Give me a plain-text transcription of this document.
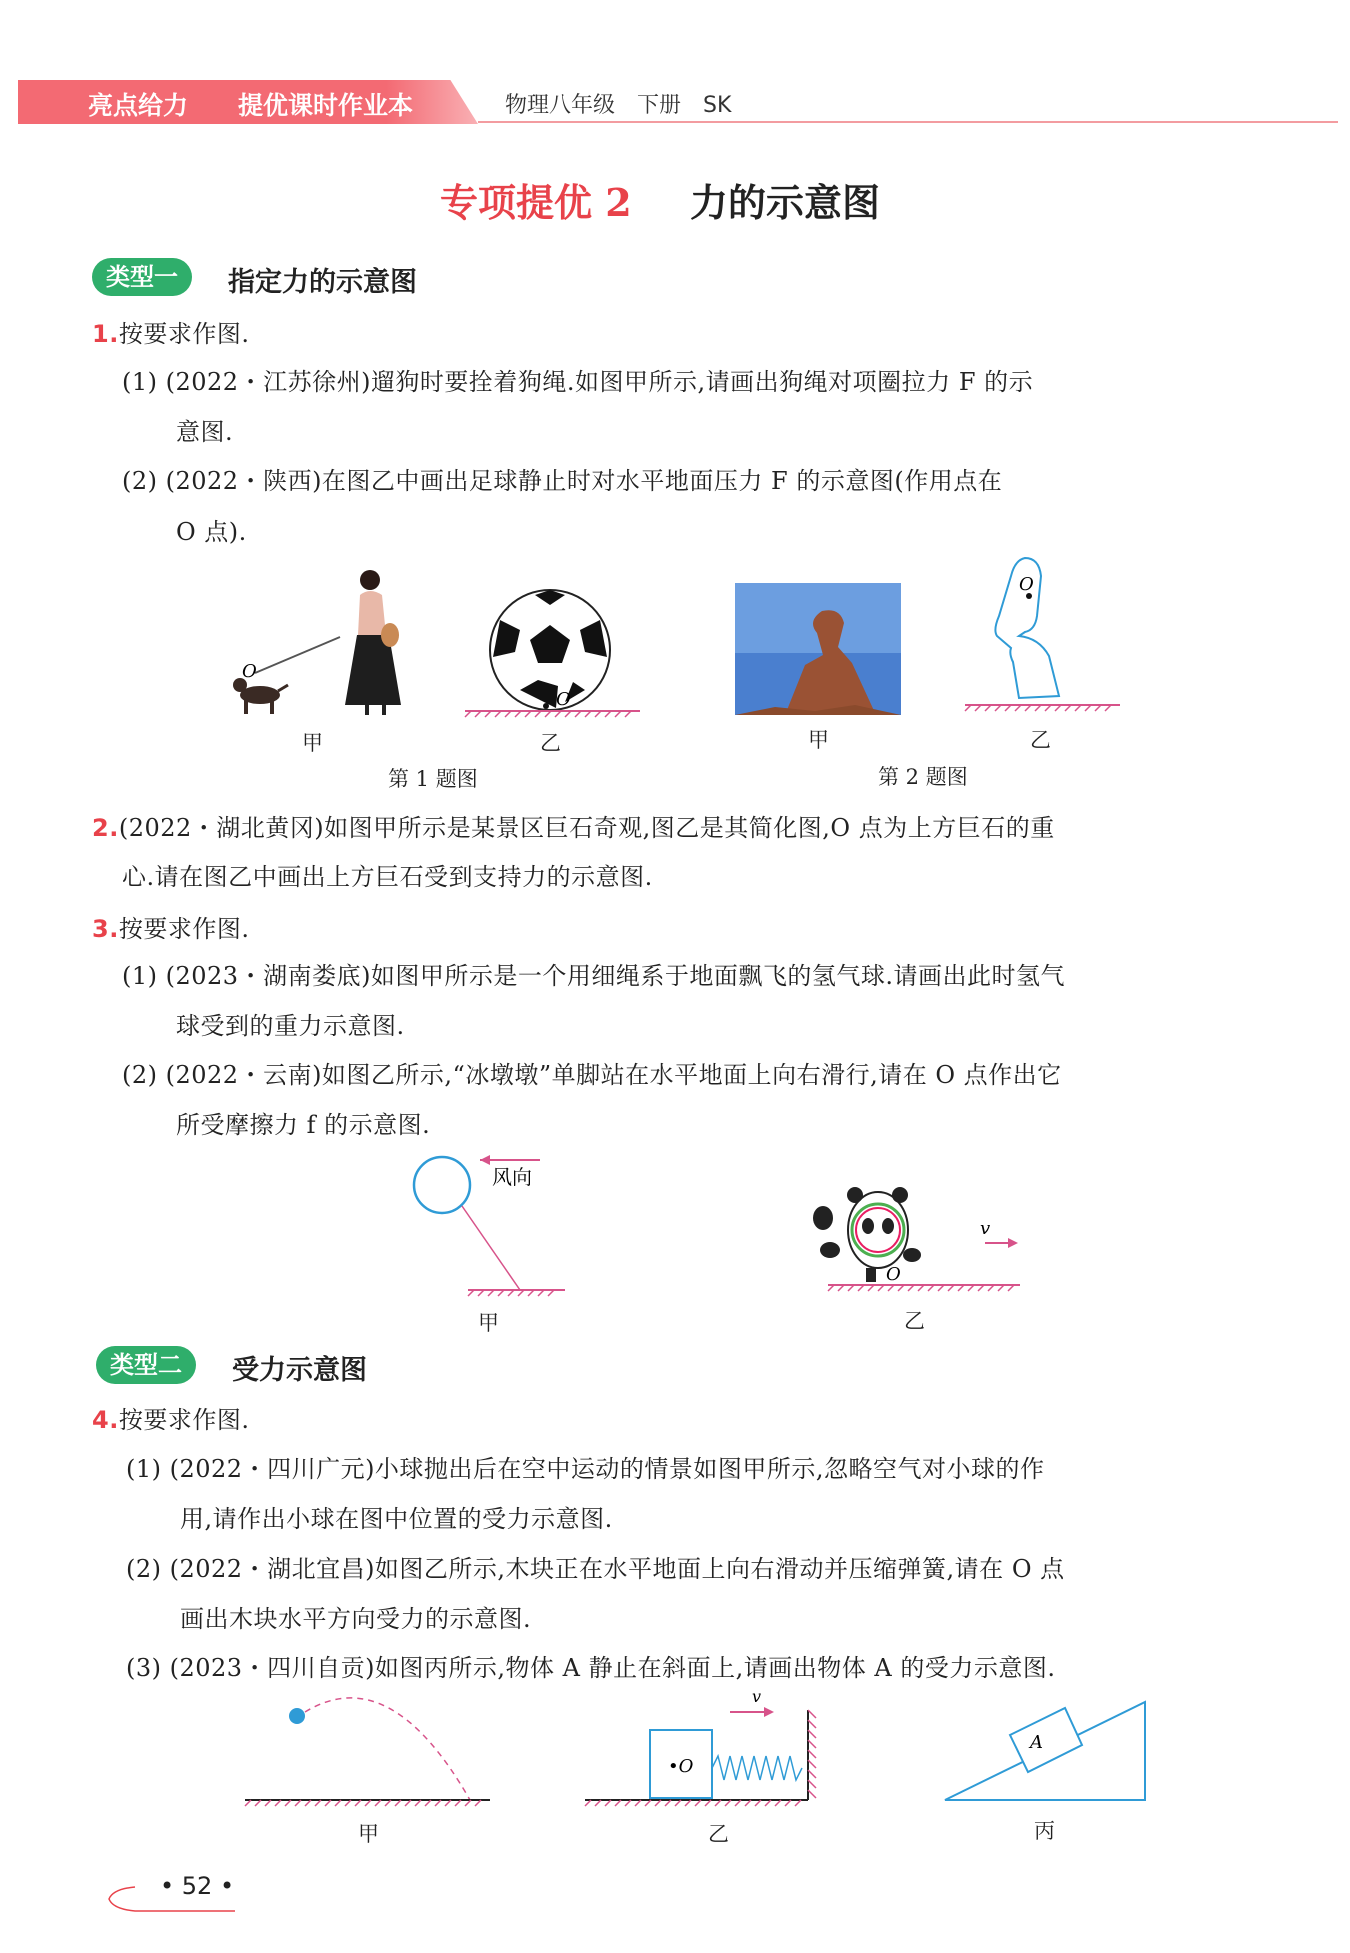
亮点给力 提优课时作业本	物理八年级　下册　SK
专项提优 2 力的示意图
类型一	指定力的示意图
1.按要求作图.
(1) (2022・江苏徐州)遛狗时要拴着狗绳.如图甲所示,请画出狗绳对项圈拉力 F 的示
意图.
(2) (2022・陕西)在图乙中画出足球静止时对水平地面压力 F 的示意图(作用点在
O 点).
O
O
甲	乙
第 1 题图
O
甲	乙
第 2 题图
2.(2022・湖北黄冈)如图甲所示是某景区巨石奇观,图乙是其简化图,O 点为上方巨石的重
心.请在图乙中画出上方巨石受到支持力的示意图.
3.按要求作图.
(1) (2023・湖南娄底)如图甲所示是一个用细绳系于地面飘飞的氢气球.请画出此时氢气
球受到的重力示意图.
(2) (2022・云南)如图乙所示,“冰墩墩”单脚站在水平地面上向右滑行,请在 O 点作出它
所受摩擦力 f 的示意图.
风向
O
v
甲	乙
类型二	受力示意图
4.按要求作图.
(1) (2022・四川广元)小球抛出后在空中运动的情景如图甲所示,忽略空气对小球的作
用,请作出小球在图中位置的受力示意图.
(2) (2022・湖北宜昌)如图乙所示,木块正在水平地面上向右滑动并压缩弹簧,请在 O 点
画出木块水平方向受力的示意图.
(3) (2023・四川自贡)如图丙所示,物体 A 静止在斜面上,请画出物体 A 的受力示意图.
•O
v
A
甲	乙	丙
• 52 •
